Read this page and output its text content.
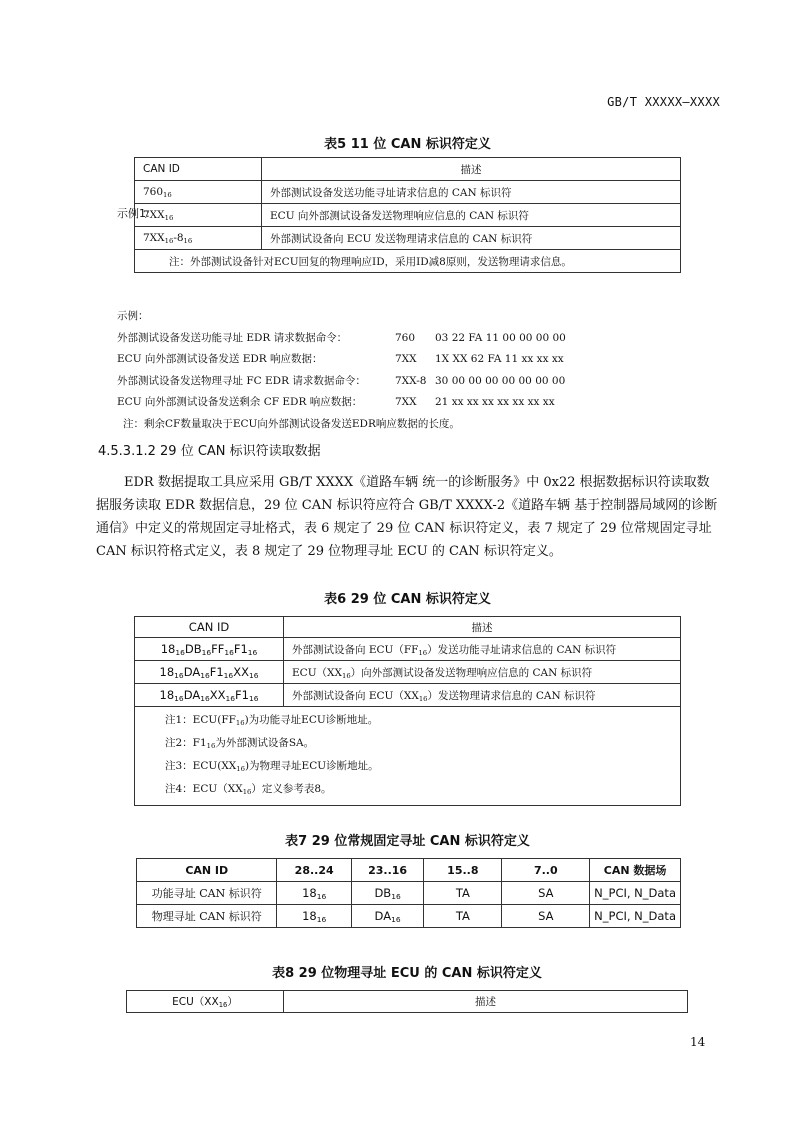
GB/T XXXXX—XXXX
表5 11 位 CAN 标识符定义
CAN ID	描述
$760_{16}$	外部测试设备发送功能寻址请求信息的 CAN 标识符
$7XX_{16}$	ECU 向外部测试设备发送物理响应信息的 CAN 标识符
$7XX_{16}-8_{16}$	外部测试设备向 ECU 发送物理请求信息的 CAN 标识符
注：外部测试设备针对ECU回复的物理响应ID，采用ID减8原则，发送物理请求信息。	
示例1:
示例：
外部测试设备发送功能寻址 EDR 请求数据命令：	760 03 22 FA 11 00 00 00 00
ECU 向外部测试设备发送 EDR 响应数据：	7XX 1X XX 62 FA 11 xx xx xx
外部测试设备发送物理寻址 FC EDR 请求数据命令：	7XX-8 30 00 00 00 00 00 00 00
ECU 向外部测试设备发送剩余 CF EDR 响应数据：	7XX 21 xx xx xx xx xx xx xx
注：剩余CF数量取决于ECU向外部测试设备发送EDR响应数据的长度。
4.5.3.1.2 29 位 CAN 标识符读取数据
EDR 数据提取工具应采用 GB/T XXXX《道路车辆 统一的诊断服务》中 0x22 根据数据标识符读取数
据服务读取 EDR 数据信息，29 位 CAN 标识符应符合 GB/T XXXX-2《道路车辆 基于控制器局域网的诊断
通信》中定义的常规固定寻址格式，表 6 规定了 29 位 CAN 标识符定义，表 7 规定了 29 位常规固定寻址
CAN 标识符格式定义，表 8 规定了 29 位物理寻址 ECU 的 CAN 标识符定义。
表6 29 位 CAN 标识符定义
CAN ID	描述
$18_{16}DB_{16}FF_{16}F1_{16}$	外部测试设备向 $ECU(FF_{16})$发送功能寻址请求信息的 CAN 标识符
$18_{16}DA_{16}F1_{16}XX_{16}$	$ECU(XX_{16})$向外部测试设备发送物理响应信息的 CAN 标识符
$18_{16}DA_{16}XX_{16}F1_{16}$	外部测试设备向 $ECU(XX_{16})$发送物理请求信息的 CAN 标识符

注1：$ECU(FF_{16})$为功能寻址ECU诊断地址。
注2：$F1_{16}$为外部测试设备SA。
注3：$ECU(XX_{16})$为物理寻址ECU诊断地址。
注4：$ECU(XX_{16})$定义参考表8。	
表7 29 位常规固定寻址 CAN 标识符定义
CAN ID	28..24	23..16	15..8	7..0	CAN 数据场
功能寻址 CAN 标识符	$18_{16}$	$DB_{16}$	TA	SA	N_PCI, N_Data
物理寻址 CAN 标识符	$18_{16}$	$DA_{16}$	TA	SA	N_PCI, N_Data
表8 29 位物理寻址 ECU 的 CAN 标识符定义
$ECU(XX_{16})$	描述
14
